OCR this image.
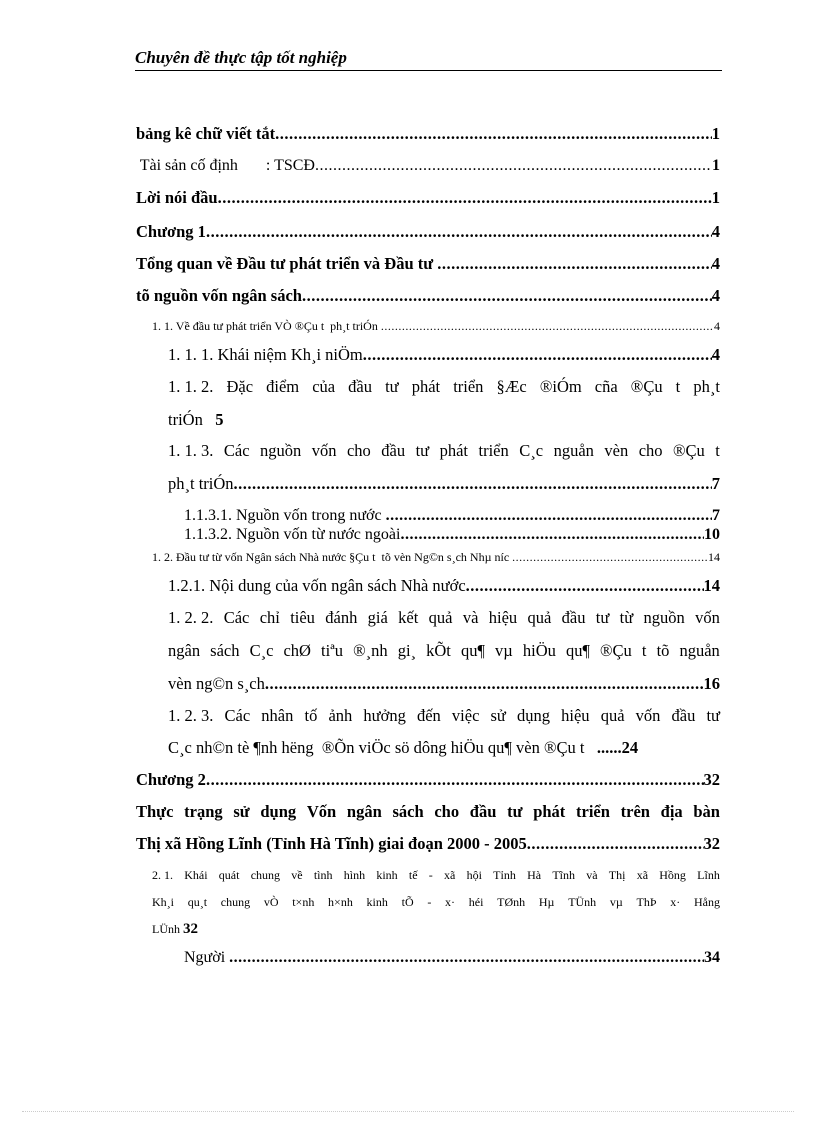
Chuyên đề thực tập tốt nghiệp
bảng kê chữ viết tắt .....	1
Tài sản cố định       : TSCĐ .....	1
Lời nói đầu .....	1
Chương 1 .....	4
Tổng quan về Đầu tư phát triển và Đầu tư .....	4
tõ nguồn vốn ngân sách .....	4
1. 1. Về đầu tư phát triển VÒ ®Çu t  ph¸t triÓn .....	4
1. 1. 1. Khái niệm Kh¸i niÖm .....	4
1. 1. 2. Đặc điểm của đầu tư phát triển §Æc ®iÓm cña ®Çu t ph¸t
triÓn   5
1. 1. 3. Các nguồn vốn cho đầu tư phát triển C¸c nguån vèn cho ®Çu t
ph¸t triÓn .....	7
1.1.3.1. Nguồn vốn trong nước .....	7
1.1.3.2. Nguồn vốn từ nước ngoài .....	10
1. 2. Đầu tư từ vốn Ngân sách Nhà nước §Çu t  tõ vèn Ng©n s¸ch Nhµ níc .....	14
1.2.1. Nội dung của vốn ngân sách Nhà nước .....	14
1. 2. 2. Các chỉ tiêu đánh giá kết quả và hiệu quả đầu tư từ nguồn vốn
ngân sách C¸c chØ tiªu ®¸nh gi¸ kÕt qu¶ vµ hiÖu qu¶ ®Çu t tõ nguån
vèn ng©n s¸ch .....	16
1. 2. 3. Các nhân tố ảnh hưởng đến việc sử dụng hiệu quả vốn đầu tư
C¸c nh©n tè ¶nh hëng  ®Õn viÖc sö dông hiÖu qu¶ vèn ®Çu t   ......24
Chương 2 .....	32
Thực trạng sử dụng Vốn ngân sách cho đầu tư phát triển trên địa bàn
Thị xã Hồng Lĩnh (Tỉnh Hà Tĩnh) giai đoạn 2000 - 2005 .....	32
2. 1. Khái quát chung về tình hình kinh tế - xã hội Tỉnh Hà Tĩnh và Thị xã Hồng Lĩnh
Kh¸i qu¸t chung vÒ t×nh h×nh kinh tÕ - x· héi TØnh Hµ TÜnh vµ ThÞ x· Hång
LÜnh 32
Người .....	34
